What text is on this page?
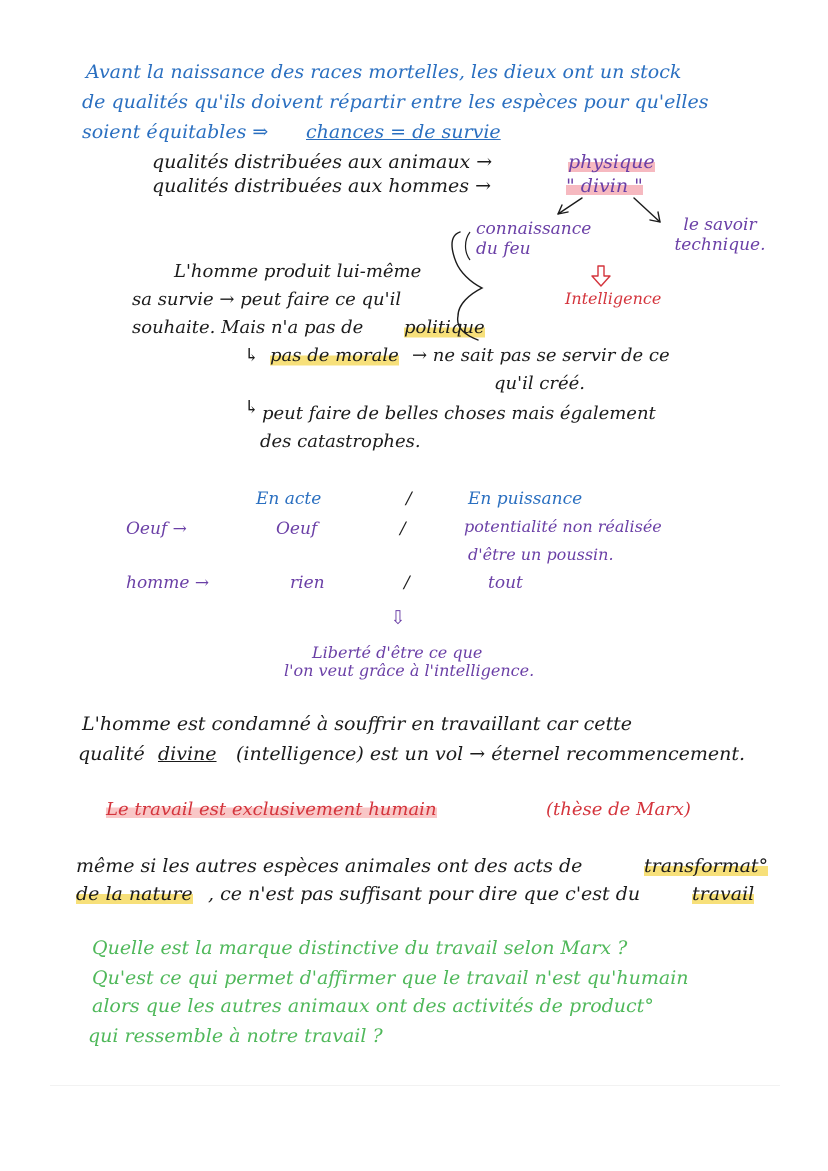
Avant la naissance des races mortelles, les dieux ont un stock
de qualités qu'ils doivent répartir entre les espèces pour qu'elles
soient équitables ⇒ chances = de survie
qualités distribuées aux animaux →	physique
qualités distribuées aux hommes →	" divin "
connaissance du feu
le savoir technique.
Intelligence
L'homme produit lui-même
sa survie → peut faire ce qu'il
souhaite. Mais n'a pas de politique
↳ pas de morale → ne sait pas se servir de ce
qu'il créé.
↳ peut faire de belles choses mais également
des catastrophes.
En acte	/	En puissance
Oeuf →	Oeuf	/	potentialité non réalisée
d'être un poussin.
homme →	rien	/	tout
⇩
Liberté d'être ce que
l'on veut grâce à l'intelligence.
L'homme est condamné à souffrir en travaillant car cette
qualité divine (intelligence) est un vol → éternel recommencement.
Le travail est exclusivement humain	(thèse de Marx)
même si les autres espèces animales ont des acts de	transformat°
de la nature , ce n'est pas suffisant pour dire que c'est du	travail
Quelle est la marque distinctive du travail selon Marx ?
Qu'est ce qui permet d'affirmer que le travail n'est qu'humain
alors que les autres animaux ont des activités de product°
qui ressemble à notre travail ?
